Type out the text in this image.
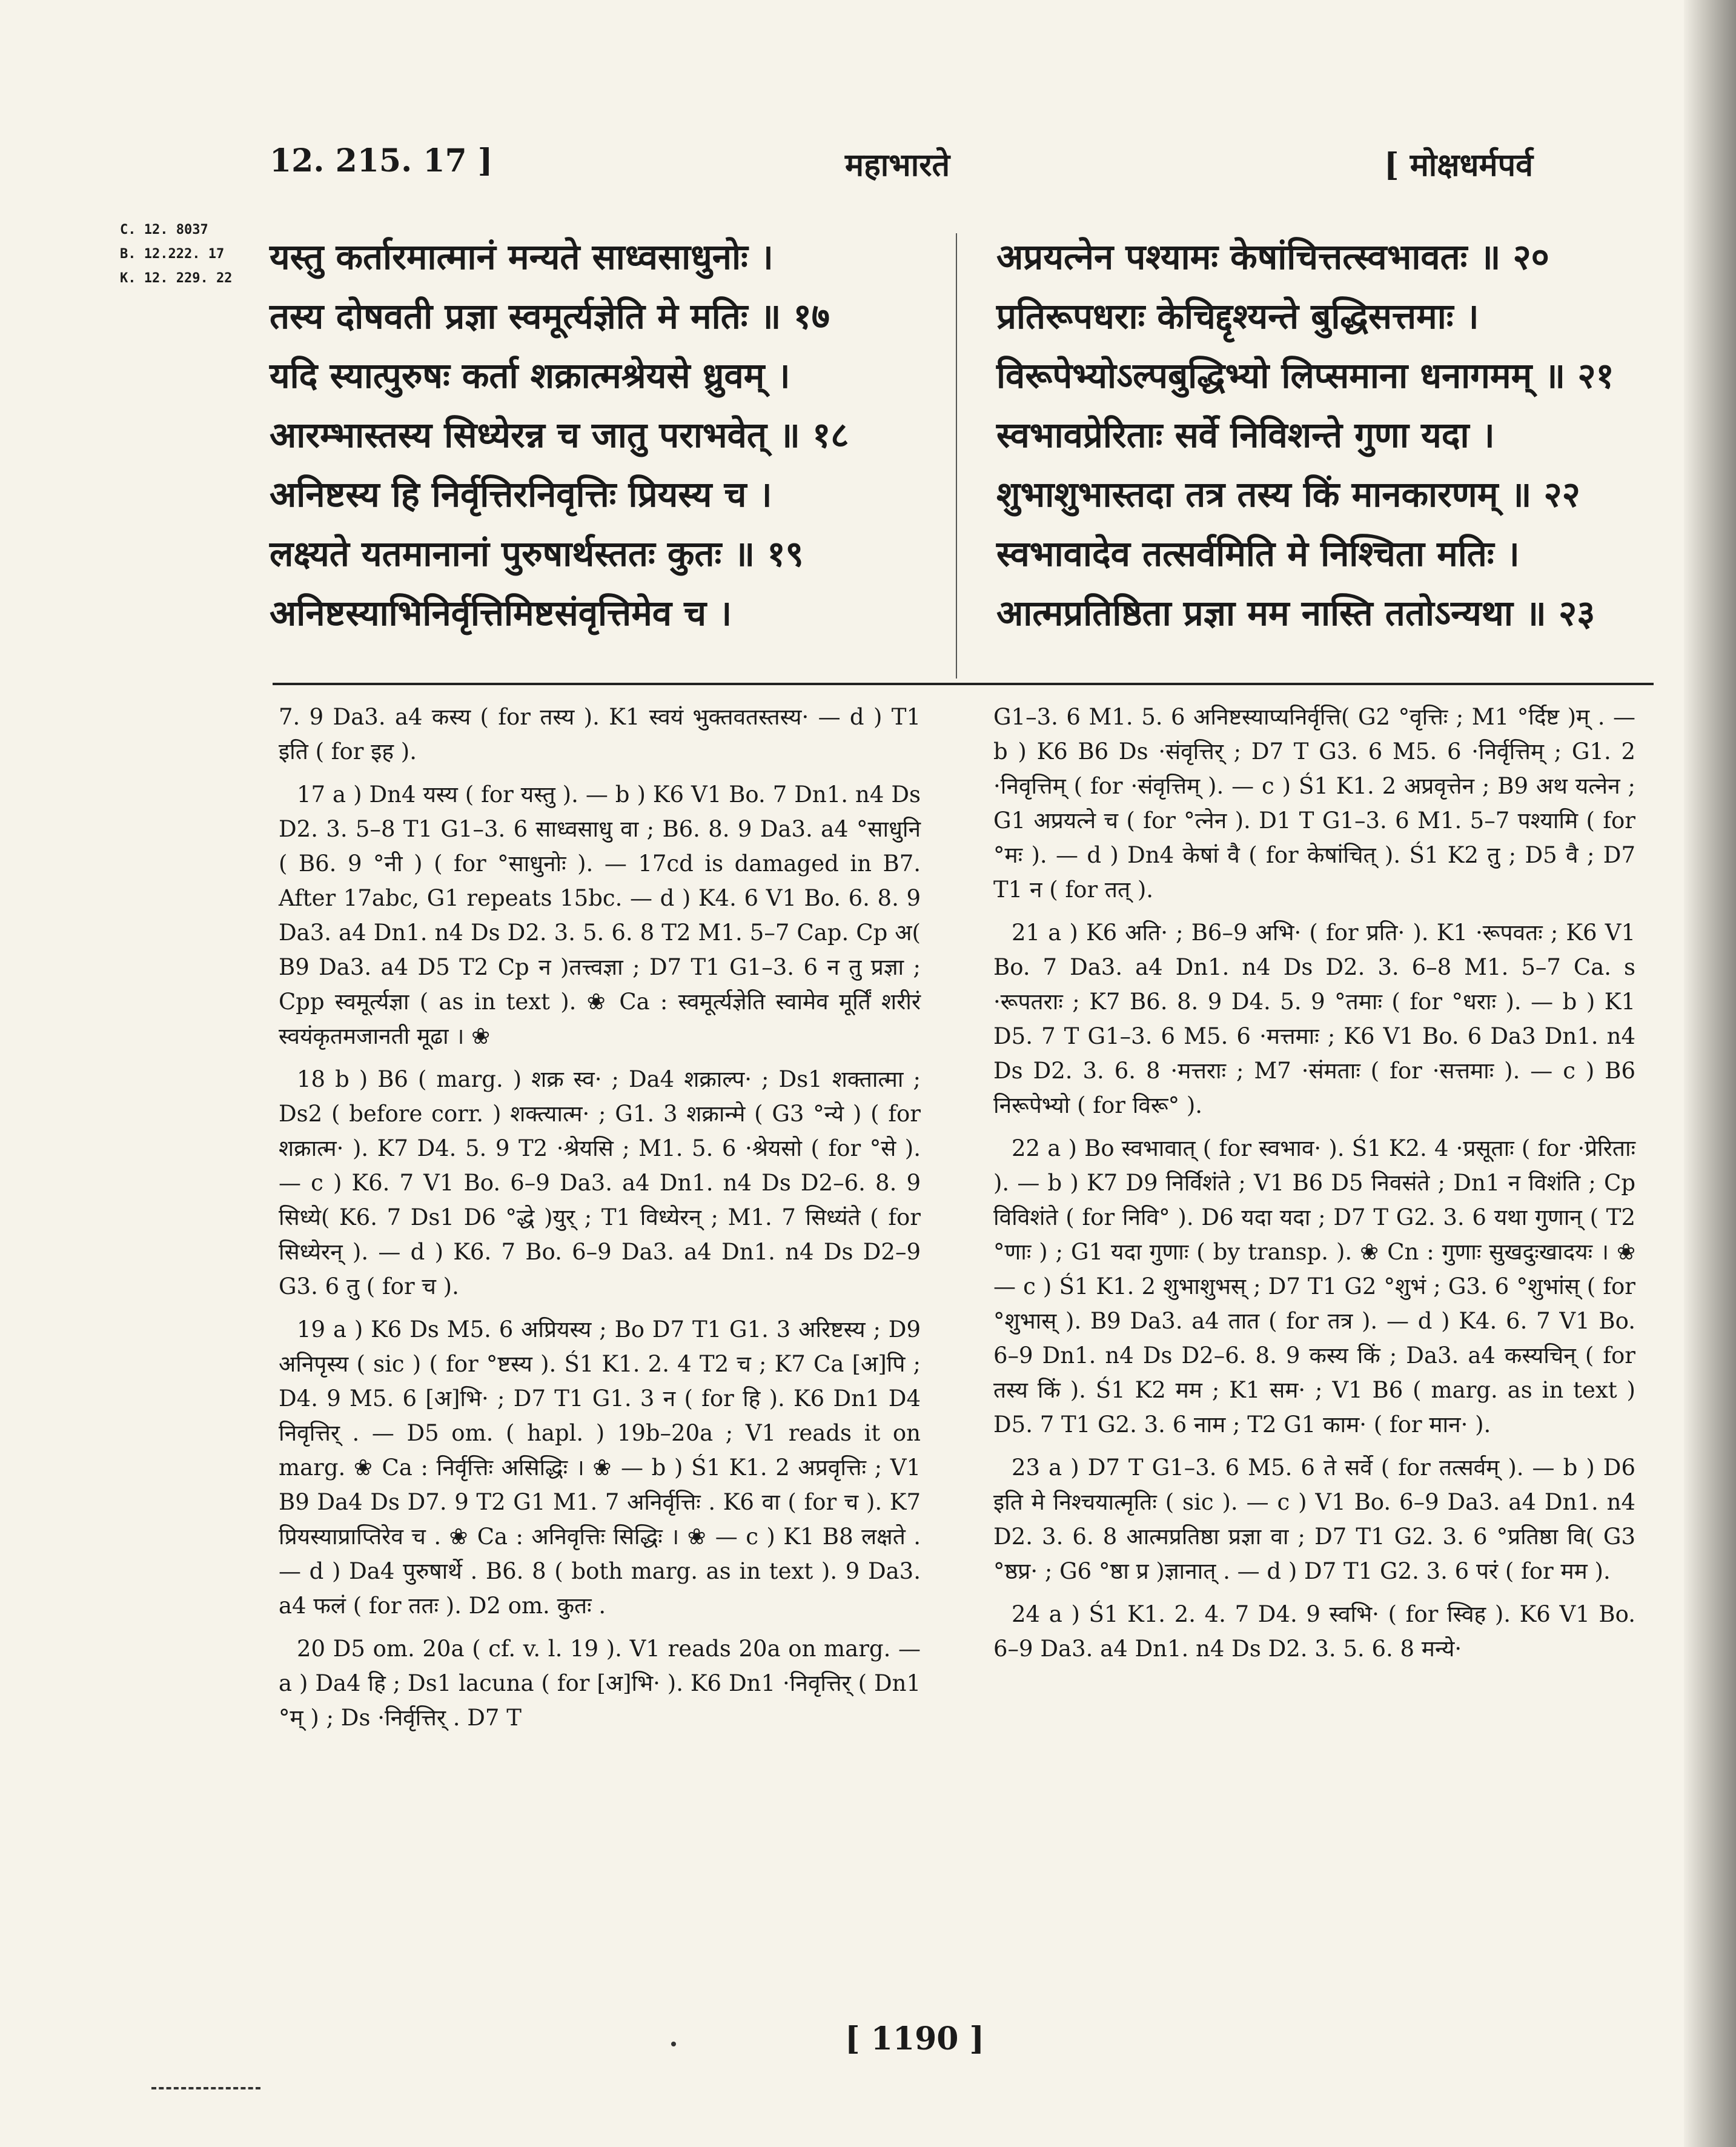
12. 215. 17 ]	महाभारते	[ मोक्षधर्मपर्व
C. 12. 8037
B. 12.222. 17
K. 12. 229. 22
यस्तु कर्तारमात्मानं मन्यते साध्वसाधुनोः ।
तस्य दोषवती प्रज्ञा स्वमूर्त्यज्ञेति मे मतिः ॥ १७
यदि स्यात्पुरुषः कर्ता शक्रात्मश्रेयसे ध्रुवम् ।
आरम्भास्तस्य सिध्येरन्न च जातु पराभवेत् ॥ १८
अनिष्टस्य हि निर्वृत्तिरनिवृत्तिः प्रियस्य च ।
लक्ष्यते यतमानानां पुरुषार्थस्ततः कुतः ॥ १९
अनिष्टस्याभिनिर्वृत्तिमिष्टसंवृत्तिमेव च ।
अप्रयत्नेन पश्यामः केषांचित्तत्स्वभावतः ॥ २०
प्रतिरूपधराः केचिद्दृश्यन्ते बुद्धिसत्तमाः ।
विरूपेभ्योऽल्पबुद्धिभ्यो लिप्समाना धनागमम् ॥ २१
स्वभावप्रेरिताः सर्वे निविशन्ते गुणा यदा ।
शुभाशुभास्तदा तत्र तस्य किं मानकारणम् ॥ २२
स्वभावादेव तत्सर्वमिति मे निश्चिता मतिः ।
आत्मप्रतिष्ठिता प्रज्ञा मम नास्ति ततोऽन्यथा ॥ २३

7. 9 Da3. a4 कस्य ( for तस्य ). K1 स्वयं भुक्तवतस्तस्य· — d ) T1 इति ( for इह ).

17 a ) Dn4 यस्य ( for यस्तु ). — b ) K6 V1 Bo. 7 Dn1. n4 Ds D2. 3. 5–8 T1 G1–3. 6 साध्वसाधु वा ; B6. 8. 9 Da3. a4 °साधुनि ( B6. 9 °नी ) ( for °साधुनोः ). — 17cd is damaged in B7. After 17abc, G1 repeats 15bc. — d ) K4. 6 V1 Bo. 6. 8. 9 Da3. a4 Dn1. n4 Ds D2. 3. 5. 6. 8 T2 M1. 5–7 Cap. Cp अ( B9 Da3. a4 D5 T2 Cp न )तत्त्वज्ञा ; D7 T1 G1–3. 6 न तु प्रज्ञा ; Cpp स्वमूर्त्यज्ञा ( as in text ). ❀ Ca : स्वमूर्त्यज्ञेति स्वामेव मूर्तिं शरीरं स्वयंकृतमजानती मूढा । ❀

18 b ) B6 ( marg. ) शक्र स्व· ; Da4 शक्राल्प· ; Ds1 शक्तात्मा ; Ds2 ( before corr. ) शक्त्यात्म· ; G1. 3 शक्रान्मे ( G3 °न्ये ) ( for शक्रात्म· ). K7 D4. 5. 9 T2 ·श्रेयसि ; M1. 5. 6 ·श्रेयसो ( for °से ). — c ) K6. 7 V1 Bo. 6–9 Da3. a4 Dn1. n4 Ds D2–6. 8. 9 सिध्ये( K6. 7 Ds1 D6 °द्धे )युर् ; T1 विध्येरन् ; M1. 7 सिध्यंते ( for सिध्येरन् ). — d ) K6. 7 Bo. 6–9 Da3. a4 Dn1. n4 Ds D2–9 G3. 6 तु ( for च ).

19 a ) K6 Ds M5. 6 अप्रियस्य ; Bo D7 T1 G1. 3 अरिष्टस्य ; D9 अनिपृस्य ( sic ) ( for °ष्टस्य ). Ś1 K1. 2. 4 T2 च ; K7 Ca [अ]पि ; D4. 9 M5. 6 [अ]भि· ; D7 T1 G1. 3 न ( for हि ). K6 Dn1 D4 निवृत्तिर् . — D5 om. ( hapl. ) 19b–20a ; V1 reads it on marg. ❀ Ca : निर्वृत्तिः असिद्धिः । ❀ — b ) Ś1 K1. 2 अप्रवृत्तिः ; V1 B9 Da4 Ds D7. 9 T2 G1 M1. 7 अनिर्वृत्तिः . K6 वा ( for च ). K7 प्रियस्याप्राप्तिरेव च . ❀ Ca : अनिवृत्तिः सिद्धिः । ❀ — c ) K1 B8 लक्षते . — d ) Da4 पुरुषार्थे . B6. 8 ( both marg. as in text ). 9 Da3. a4 फलं ( for ततः ). D2 om. कुतः .

20 D5 om. 20a ( cf. v. l. 19 ). V1 reads 20a on marg. — a ) Da4 हि ; Ds1 lacuna ( for [अ]भि· ). K6 Dn1 ·निवृत्तिर् ( Dn1 °म् ) ; Ds ·निर्वृत्तिर् . D7 T

G1–3. 6 M1. 5. 6 अनिष्टस्याप्यनिर्वृत्ति( G2 °वृत्तिः ; M1 °र्दिष्ट )म् . — b ) K6 B6 Ds ·संवृत्तिर् ; D7 T G3. 6 M5. 6 ·निर्वृत्तिम् ; G1. 2 ·निवृत्तिम् ( for ·संवृत्तिम् ). — c ) Ś1 K1. 2 अप्रवृत्तेन ; B9 अथ यत्नेन ; G1 अप्रयत्ने च ( for °त्नेन ). D1 T G1–3. 6 M1. 5–7 पश्यामि ( for °मः ). — d ) Dn4 केषां वै ( for केषांचित् ). Ś1 K2 तु ; D5 वै ; D7 T1 न ( for तत् ).

21 a ) K6 अति· ; B6–9 अभि· ( for प्रति· ). K1 ·रूपवतः ; K6 V1 Bo. 7 Da3. a4 Dn1. n4 Ds D2. 3. 6–8 M1. 5–7 Ca. s ·रूपतराः ; K7 B6. 8. 9 D4. 5. 9 °तमाः ( for °धराः ). — b ) K1 D5. 7 T G1–3. 6 M5. 6 ·मत्तमाः ; K6 V1 Bo. 6 Da3 Dn1. n4 Ds D2. 3. 6. 8 ·मत्तराः ; M7 ·संमताः ( for ·सत्तमाः ). — c ) B6 निरूपेभ्यो ( for विरू° ).

22 a ) Bo स्वभावात् ( for स्वभाव· ). Ś1 K2. 4 ·प्रसूताः ( for ·प्रेरिताः ). — b ) K7 D9 निर्विशंते ; V1 B6 D5 निवसंते ; Dn1 न विशंति ; Cp विविशंते ( for निवि° ). D6 यदा यदा ; D7 T G2. 3. 6 यथा गुणान् ( T2 °णाः ) ; G1 यदा गुणाः ( by transp. ). ❀ Cn : गुणाः सुखदुःखादयः । ❀ — c ) Ś1 K1. 2 शुभाशुभस् ; D7 T1 G2 °शुभं ; G3. 6 °शुभांस् ( for °शुभास् ). B9 Da3. a4 तात ( for तत्र ). — d ) K4. 6. 7 V1 Bo. 6–9 Dn1. n4 Ds D2–6. 8. 9 कस्य किं ; Da3. a4 कस्यचिन् ( for तस्य किं ). Ś1 K2 मम ; K1 सम· ; V1 B6 ( marg. as in text ) D5. 7 T1 G2. 3. 6 नाम ; T2 G1 काम· ( for मान· ).

23 a ) D7 T G1–3. 6 M5. 6 ते सर्वे ( for तत्सर्वम् ). — b ) D6 इति मे निश्चयात्मृतिः ( sic ). — c ) V1 Bo. 6–9 Da3. a4 Dn1. n4 D2. 3. 6. 8 आत्मप्रतिष्ठा प्रज्ञा वा ; D7 T1 G2. 3. 6 °प्रतिष्ठा वि( G3 °ष्ठप्र· ; G6 °ष्ठा प्र )ज्ञानात् . — d ) D7 T1 G2. 3. 6 परं ( for मम ).

24 a ) Ś1 K1. 2. 4. 7 D4. 9 स्वभि· ( for स्विह ). K6 V1 Bo. 6–9 Da3. a4 Dn1. n4 Ds D2. 3. 5. 6. 8 मन्ये·

[ 1190 ]
